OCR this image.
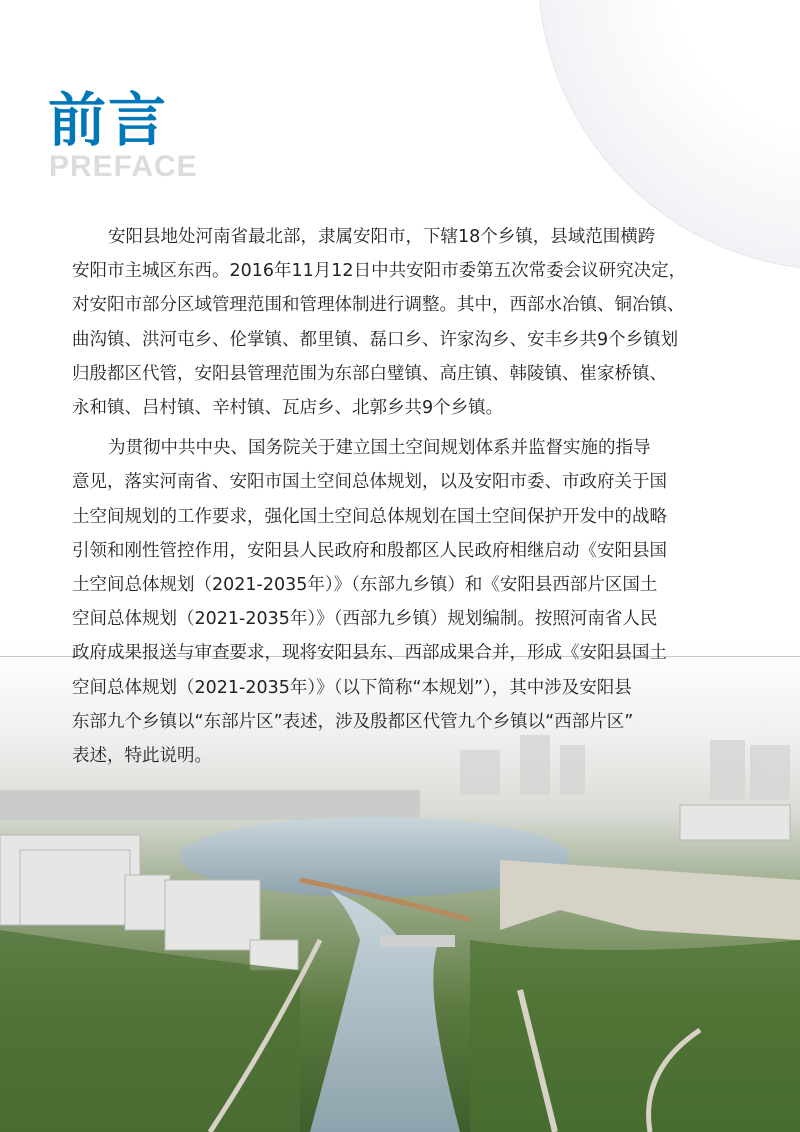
前言
PREFACE
安阳县地处河南省最北部，隶属安阳市，下辖18个乡镇，县域范围横跨
安阳市主城区东西。2016年11月12日中共安阳市委第五次常委会议研究决定，
对安阳市部分区域管理范围和管理体制进行调整。其中，西部水冶镇、铜冶镇、
曲沟镇、洪河屯乡、伦掌镇、都里镇、磊口乡、许家沟乡、安丰乡共9个乡镇划
归殷都区代管，安阳县管理范围为东部白璧镇、高庄镇、韩陵镇、崔家桥镇、
永和镇、吕村镇、辛村镇、瓦店乡、北郭乡共9个乡镇。
为贯彻中共中央、国务院关于建立国土空间规划体系并监督实施的指导
意见，落实河南省、安阳市国土空间总体规划，以及安阳市委、市政府关于国
土空间规划的工作要求，强化国土空间总体规划在国土空间保护开发中的战略
引领和刚性管控作用，安阳县人民政府和殷都区人民政府相继启动《安阳县国
土空间总体规划（2021-2035年）》（东部九乡镇）和《安阳县西部片区国土
空间总体规划（2021-2035年）》（西部九乡镇）规划编制。按照河南省人民
政府成果报送与审查要求，现将安阳县东、西部成果合并，形成《安阳县国土
空间总体规划（2021-2035年）》（以下简称“本规划”），其中涉及安阳县
东部九个乡镇以“东部片区”表述，涉及殷都区代管九个乡镇以“西部片区”
表述，特此说明。
